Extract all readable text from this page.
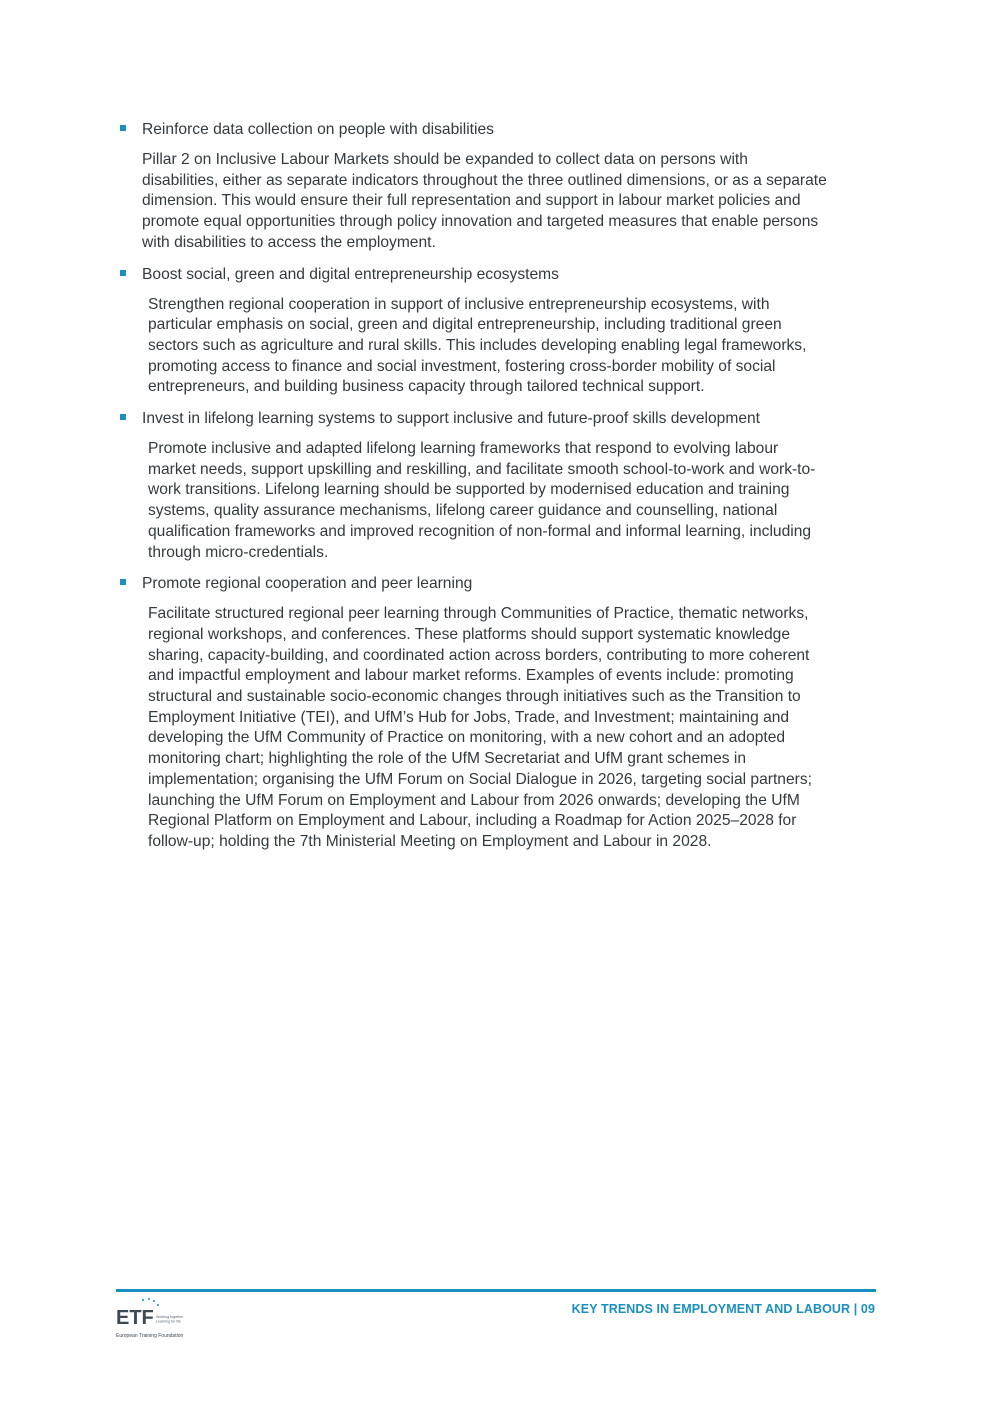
Reinforce data collection on people with disabilities
Pillar 2 on Inclusive Labour Markets should be expanded to collect data on persons with
disabilities, either as separate indicators throughout the three outlined dimensions, or as a separate
dimension. This would ensure their full representation and support in labour market policies and
promote equal opportunities through policy innovation and targeted measures that enable persons
with disabilities to access the employment.
Boost social, green and digital entrepreneurship ecosystems
Strengthen regional cooperation in support of inclusive entrepreneurship ecosystems, with
particular emphasis on social, green and digital entrepreneurship, including traditional green
sectors such as agriculture and rural skills. This includes developing enabling legal frameworks,
promoting access to finance and social investment, fostering cross-border mobility of social
entrepreneurs, and building business capacity through tailored technical support.
Invest in lifelong learning systems to support inclusive and future-proof skills development
Promote inclusive and adapted lifelong learning frameworks that respond to evolving labour
market needs, support upskilling and reskilling, and facilitate smooth school-to-work and work-to-
work transitions. Lifelong learning should be supported by modernised education and training
systems, quality assurance mechanisms, lifelong career guidance and counselling, national
qualification frameworks and improved recognition of non-formal and informal learning, including
through micro-credentials.
Promote regional cooperation and peer learning
Facilitate structured regional peer learning through Communities of Practice, thematic networks,
regional workshops, and conferences. These platforms should support systematic knowledge
sharing, capacity-building, and coordinated action across borders, contributing to more coherent
and impactful employment and labour market reforms. Examples of events include: promoting
structural and sustainable socio-economic changes through initiatives such as the Transition to
Employment Initiative (TEI), and UfM’s Hub for Jobs, Trade, and Investment; maintaining and
developing the UfM Community of Practice on monitoring, with a new cohort and an adopted
monitoring chart; highlighting the role of the UfM Secretariat and UfM grant schemes in
implementation; organising the UfM Forum on Social Dialogue in 2026, targeting social partners;
launching the UfM Forum on Employment and Labour from 2026 onwards; developing the UfM
Regional Platform on Employment and Labour, including a Roadmap for Action 2025–2028 for
follow-up; holding the 7th Ministerial Meeting on Employment and Labour in 2028.
ETF Working together Learning for life
European Training Foundation
KEY TRENDS IN EMPLOYMENT AND LABOUR | 09
